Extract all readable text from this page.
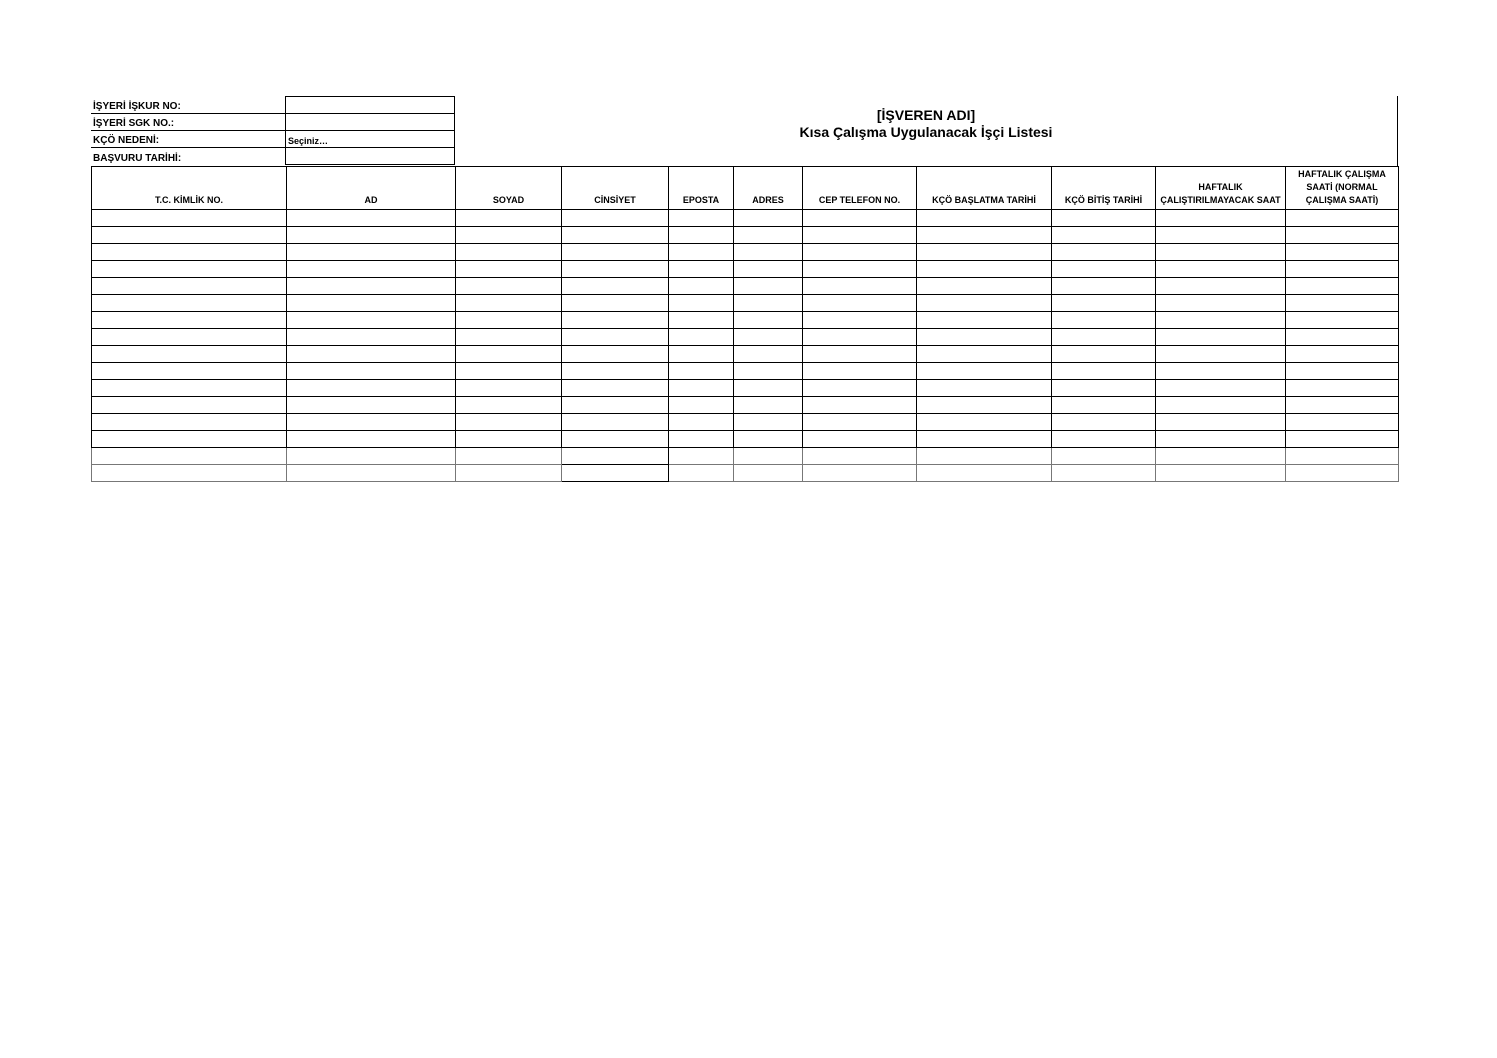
İŞYERİ İŞKUR NO:	
İŞYERİ SGK NO.:	
KÇÖ NEDENİ:	Seçiniz…
BAŞVURU TARİHİ:	
[İŞVEREN ADI]
Kısa Çalışma Uygulanacak İşçi Listesi
T.C. KİMLİK NO.	AD	SOYAD	CİNSİYET	EPOSTA	ADRES	CEP TELEFON NO.	KÇÖ BAŞLATMA TARİHİ	KÇÖ BİTİŞ TARİHİ	HAFTALIK ÇALIŞTIRILMAYACAK SAAT	HAFTALIK ÇALIŞMA SAATİ (NORMAL ÇALIŞMA SAATİ)
